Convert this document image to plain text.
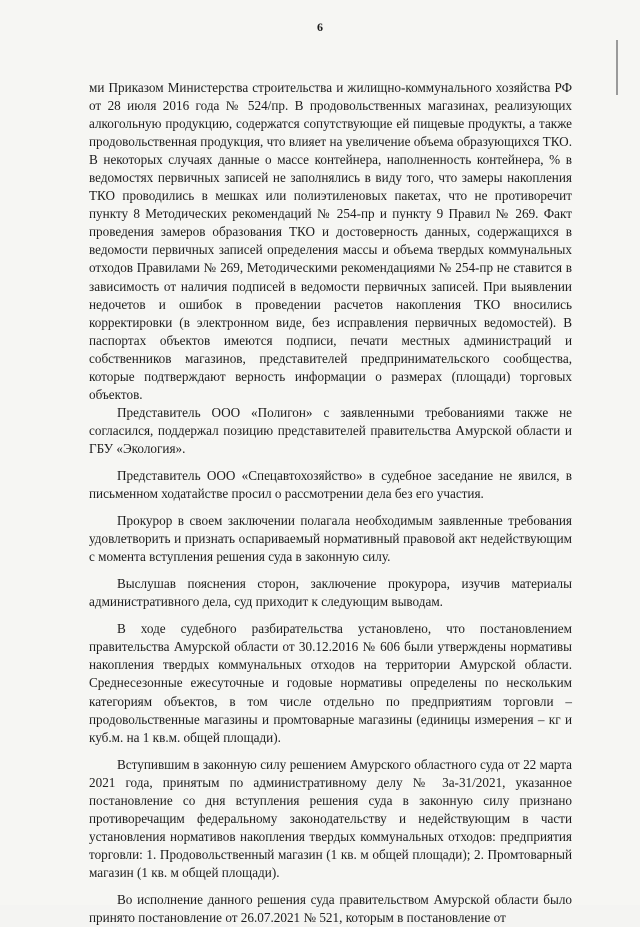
6

ми Приказом Министерства строительства и жилищно-коммунального хозяйства РФ от 28 июля 2016 года № 524/пр. В продовольственных магазинах, реализующих алкогольную продукцию, содержатся сопутствующие ей пищевые продукты, а также продовольственная продукция, что влияет на увеличение объема образующихся ТКО. В некоторых случаях данные о массе контейнера, наполненность контейнера, % в ведомостях первичных записей не заполнялись в виду того, что замеры накопления ТКО проводились в мешках или полиэтиленовых пакетах, что не противоречит пункту 8 Методических рекомендаций № 254-пр и пункту 9 Правил № 269. Факт проведения замеров образования ТКО и достоверность данных, содержащихся в ведомости первичных записей определения массы и объема твердых коммунальных отходов Правилами № 269, Методическими рекомендациями № 254-пр не ставится в зависимость от наличия подписей в ведомости первичных записей. При выявлении недочетов и ошибок в проведении расчетов накопления ТКО вносились корректировки (в электронном виде, без исправления первичных ведомостей). В паспортах объектов имеются подписи, печати местных администраций и собственников магазинов, представителей предпринимательского сообщества, которые подтверждают верность информации о размерах (площади) торговых объектов.

Представитель ООО «Полигон» с заявленными требованиями также не согласился, поддержал позицию представителей правительства Амурской области и ГБУ «Экология».

Представитель ООО «Спецавтохозяйство» в судебное заседание не явился, в письменном ходатайстве просил о рассмотрении дела без его участия.

Прокурор в своем заключении полагала необходимым заявленные требования удовлетворить и признать оспариваемый нормативный правовой акт недействующим с момента вступления решения суда в законную силу.

Выслушав пояснения сторон, заключение прокурора, изучив материалы административного дела, суд приходит к следующим выводам.

В ходе судебного разбирательства установлено, что постановлением правительства Амурской области от 30.12.2016 № 606 были утверждены нормативы накопления твердых коммунальных отходов на территории Амурской области. Среднесезонные ежесуточные и годовые нормативы определены по нескольким категориям объектов, в том числе отдельно по предприятиям торговли – продовольственные магазины и промтоварные магазины (единицы измерения – кг и куб.м. на 1 кв.м. общей площади).

Вступившим в законную силу решением Амурского областного суда от 22 марта 2021 года, принятым по административному делу № 3а-31/2021, указанное постановление со дня вступления решения суда в законную силу признано противоречащим федеральному законодательству и недействующим в части установления нормативов накопления твердых коммунальных отходов: предприятия торговли: 1. Продовольственный магазин (1 кв. м общей площади); 2. Промтоварный магазин (1 кв. м общей площади).

Во исполнение данного решения суда правительством Амурской области было принято постановление от 26.07.2021 № 521, которым в постановление от
